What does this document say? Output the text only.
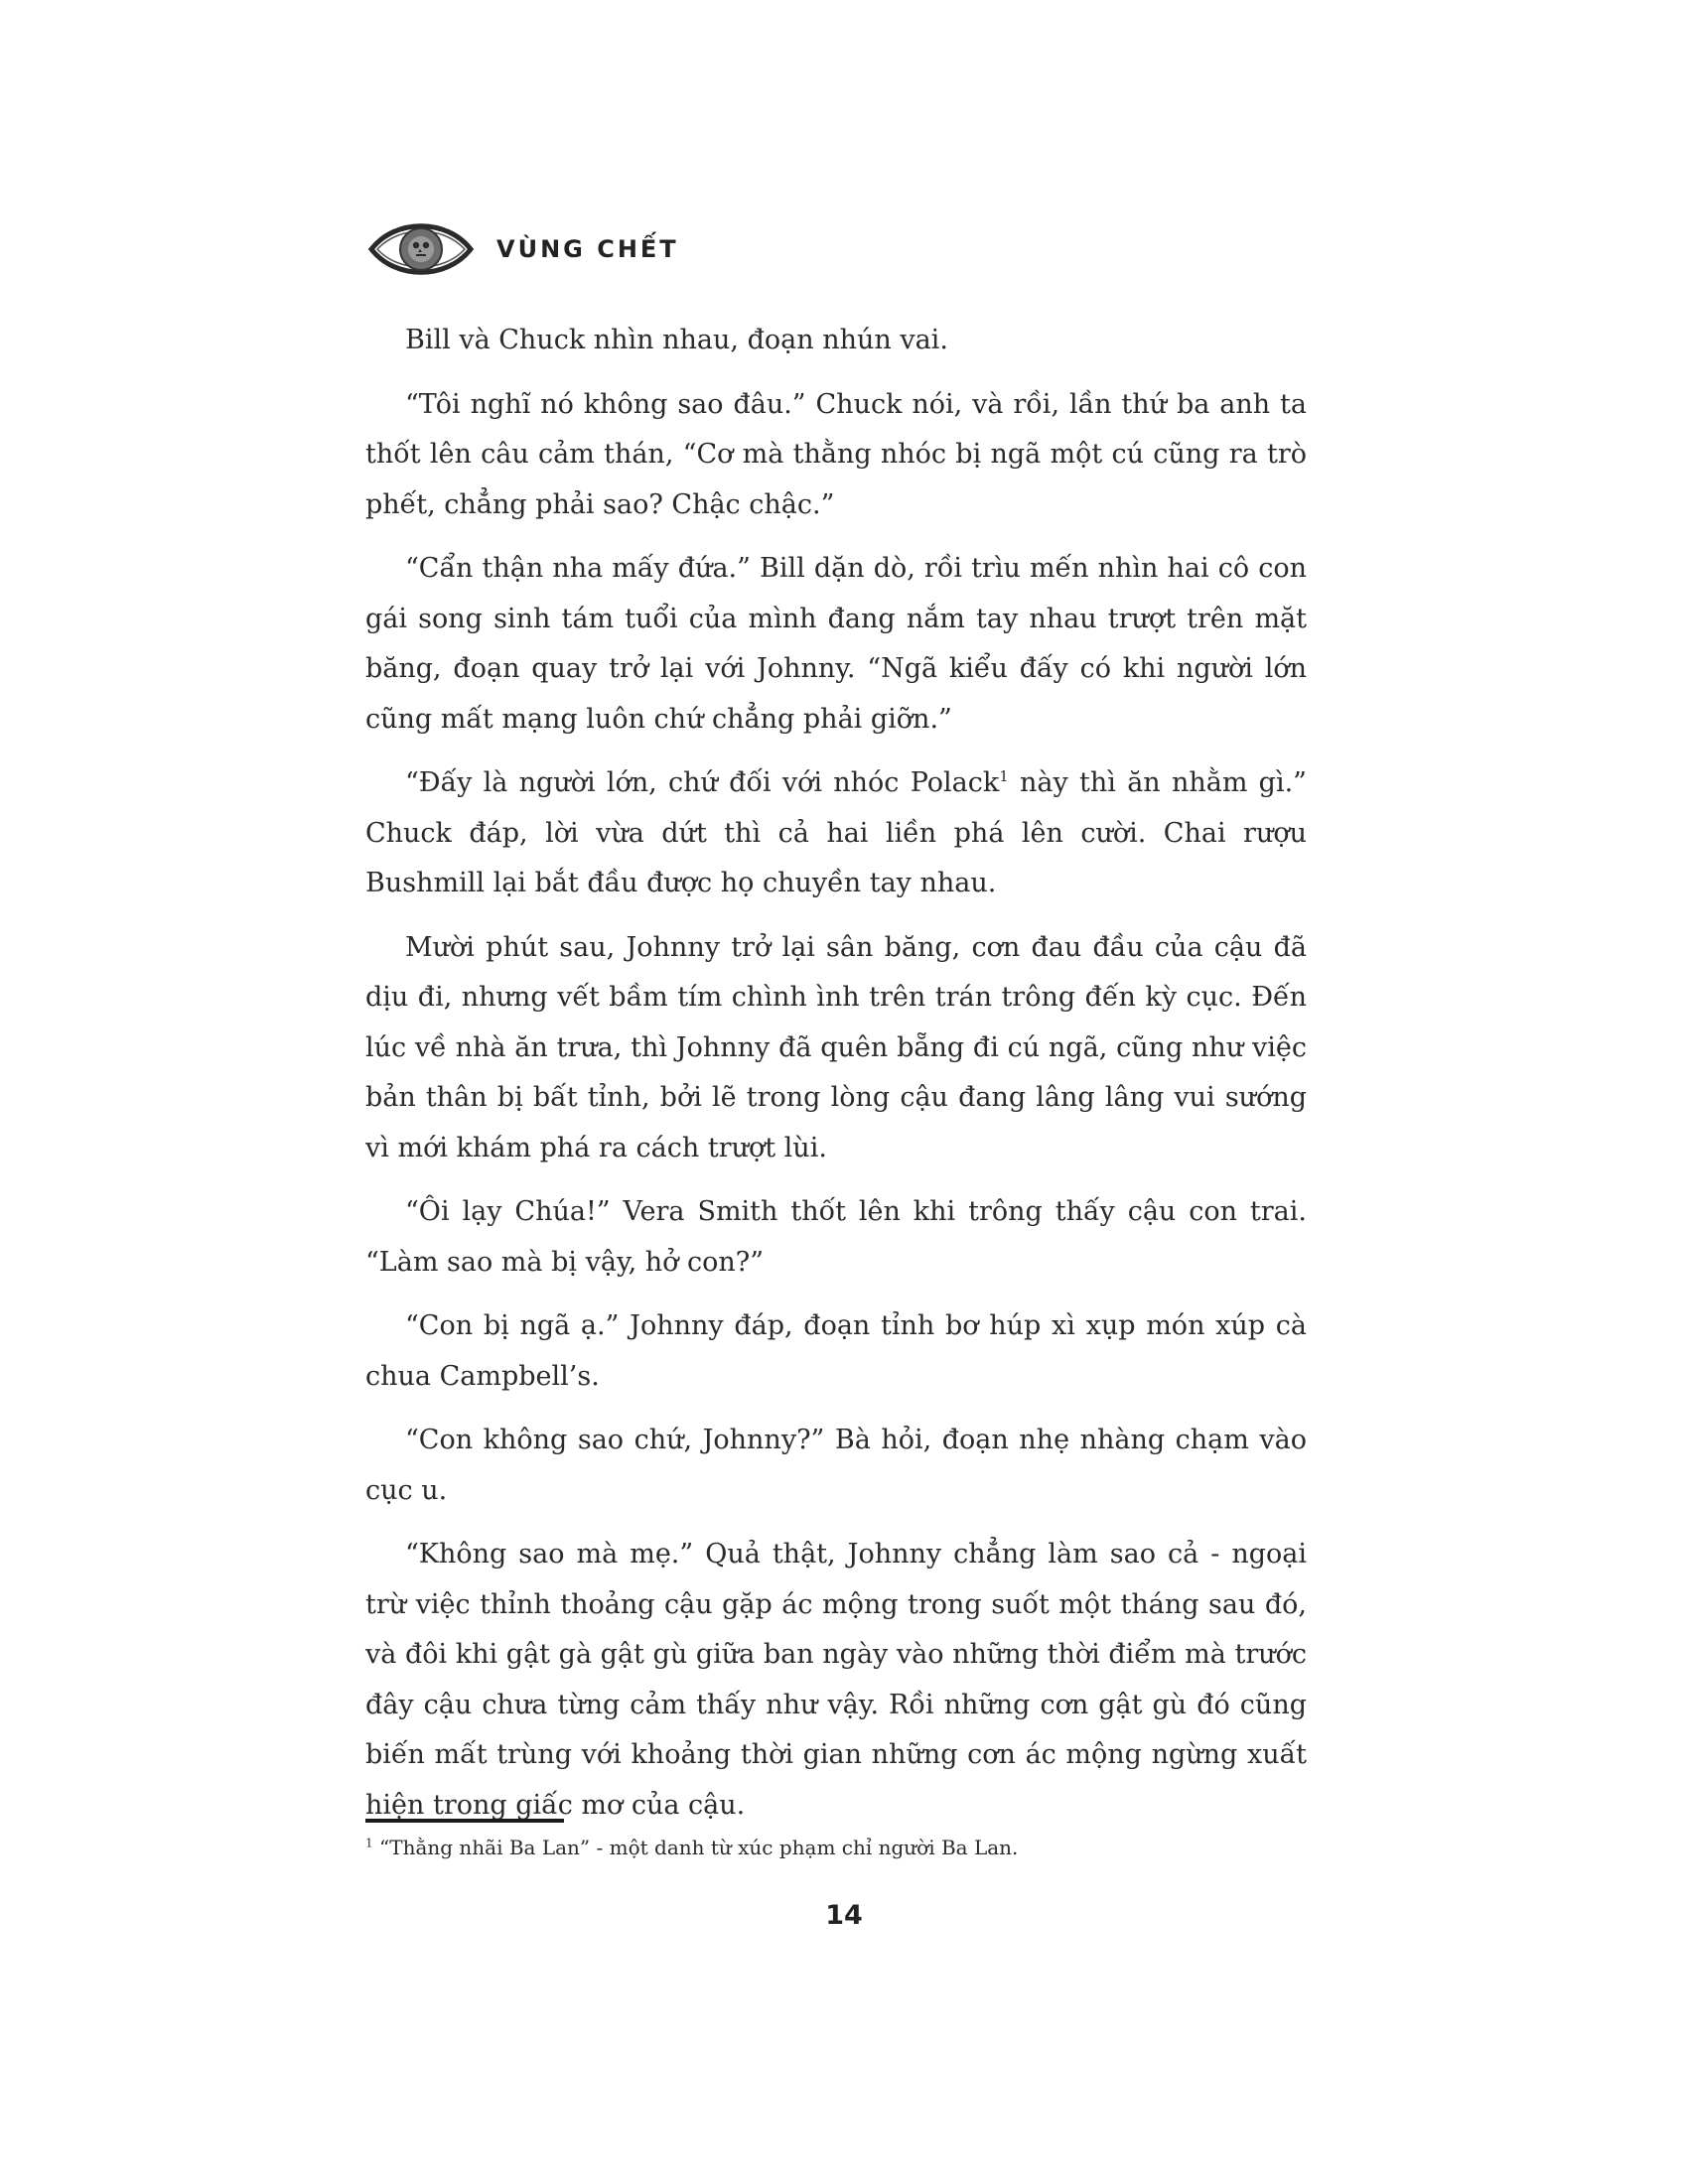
VÙNG CHẾT

Bill và Chuck nhìn nhau, đoạn nhún vai.

“Tôi nghĩ nó không sao đâu.” Chuck nói, và rồi, lần thứ ba anh ta thốt lên câu cảm thán, “Cơ mà thằng nhóc bị ngã một cú cũng ra trò phết, chẳng phải sao? Chậc chậc.”

“Cẩn thận nha mấy đứa.” Bill dặn dò, rồi trìu mến nhìn hai cô con gái song sinh tám tuổi của mình đang nắm tay nhau trượt trên mặt băng, đoạn quay trở lại với Johnny. “Ngã kiểu đấy có khi người lớn cũng mất mạng luôn chứ chẳng phải giỡn.”

“Đấy là người lớn, chứ đối với nhóc Polack$^1$ này thì ăn nhằm gì.” Chuck đáp, lời vừa dứt thì cả hai liền phá lên cười. Chai rượu Bushmill lại bắt đầu được họ chuyền tay nhau.

Mười phút sau, Johnny trở lại sân băng, cơn đau đầu của cậu đã dịu đi, nhưng vết bầm tím chình ình trên trán trông đến kỳ cục. Đến lúc về nhà ăn trưa, thì Johnny đã quên bẵng đi cú ngã, cũng như việc bản thân bị bất tỉnh, bởi lẽ trong lòng cậu đang lâng lâng vui sướng vì mới khám phá ra cách trượt lùi.

“Ôi lạy Chúa!” Vera Smith thốt lên khi trông thấy cậu con trai. “Làm sao mà bị vậy, hở con?”

“Con bị ngã ạ.” Johnny đáp, đoạn tỉnh bơ húp xì xụp món xúp cà chua Campbell’s.

“Con không sao chứ, Johnny?” Bà hỏi, đoạn nhẹ nhàng chạm vào cục u.

“Không sao mà mẹ.” Quả thật, Johnny chẳng làm sao cả - ngoại trừ việc thỉnh thoảng cậu gặp ác mộng trong suốt một tháng sau đó, và đôi khi gật gà gật gù giữa ban ngày vào những thời điểm mà trước đây cậu chưa từng cảm thấy như vậy. Rồi những cơn gật gù đó cũng biến mất trùng với khoảng thời gian những cơn ác mộng ngừng xuất hiện trong giấc mơ của cậu.

$^1$ “Thằng nhãi Ba Lan” - một danh từ xúc phạm chỉ người Ba Lan.
14
